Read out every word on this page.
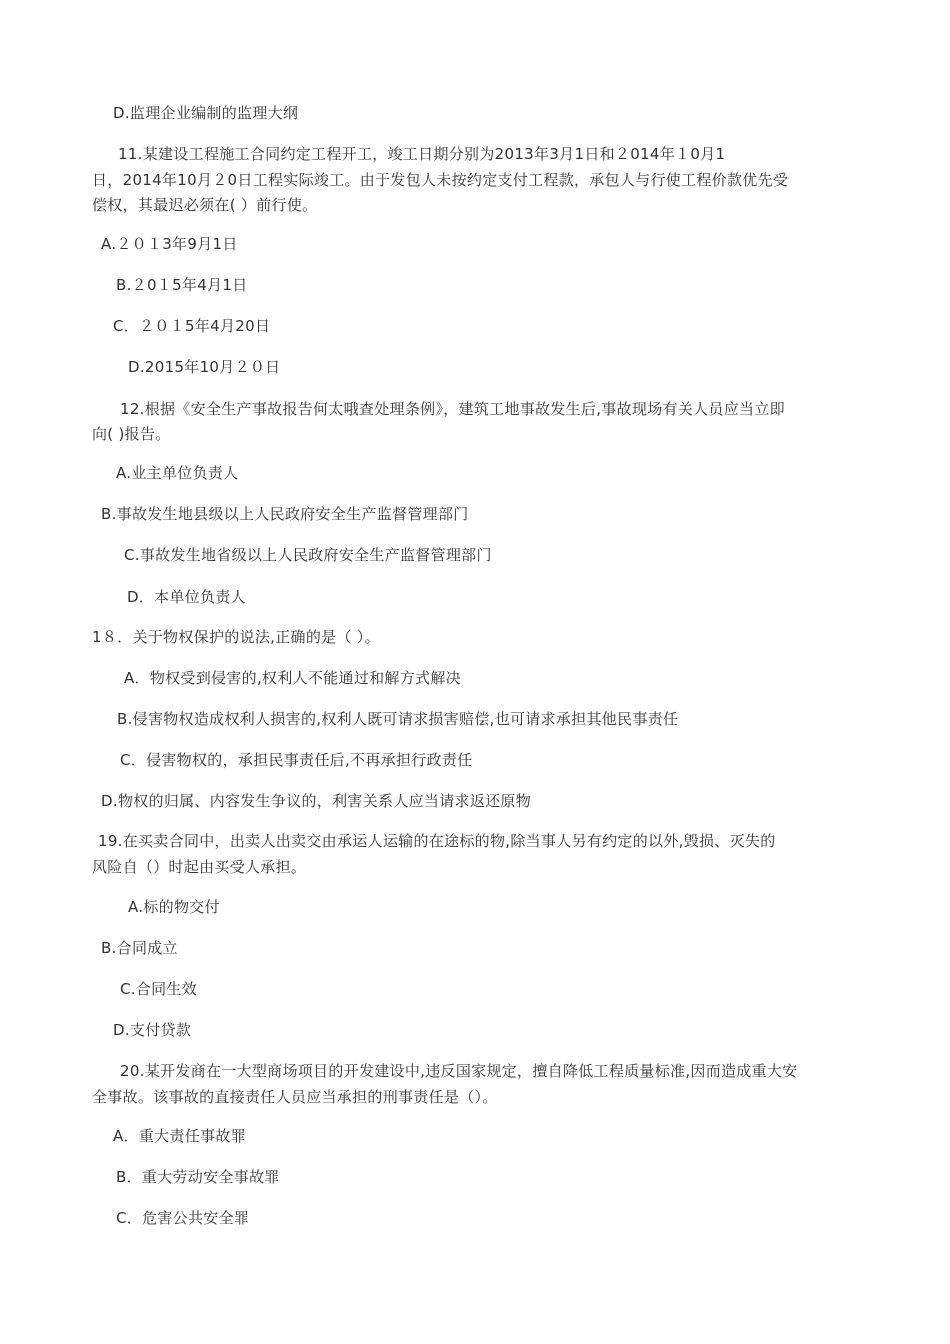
D.监理企业编制的监理大纲
11.某建设工程施工合同约定工程开工，竣工日期分别为2013年3月1日和２014年１0月1
日，2014年10月２0日工程实际竣工。由于发包人未按约定支付工程款，承包人与行使工程价款优先受
偿权，其最迟必须在( ）前行使。
A.２０１3年9月1日
B.２0１5年4月1日
C．２０１5年4月20日
D.2015年10月２０日
12.根据《安全生产事故报告何太哦查处理条例》，建筑工地事故发生后,事故现场有关人员应当立即
向( )报告。
A.业主单位负责人
B.事故发生地县级以上人民政府安全生产监督管理部门
C.事故发生地省级以上人民政府安全生产监督管理部门
D．本单位负责人
1８．关于物权保护的说法,正确的是（ ）。
A．物权受到侵害的,权利人不能通过和解方式解决
B.侵害物权造成权利人损害的,权利人既可请求损害赔偿,也可请求承担其他民事责任
C．侵害物权的，承担民事责任后,不再承担行政责任
D.物权的归属、内容发生争议的，利害关系人应当请求返还原物
19.在买卖合同中，出卖人出卖交由承运人运输的在途标的物,除当事人另有约定的以外,毁损、灭失的
风险自（）时起由买受人承担。
A.标的物交付
B.合同成立
C.合同生效
D.支付贷款
20.某开发商在一大型商场项目的开发建设中,违反国家规定，擅自降低工程质量标准,因而造成重大安
全事故。该事故的直接责任人员应当承担的刑事责任是（）。
A．重大责任事故罪
B．重大劳动安全事故罪
C．危害公共安全罪
